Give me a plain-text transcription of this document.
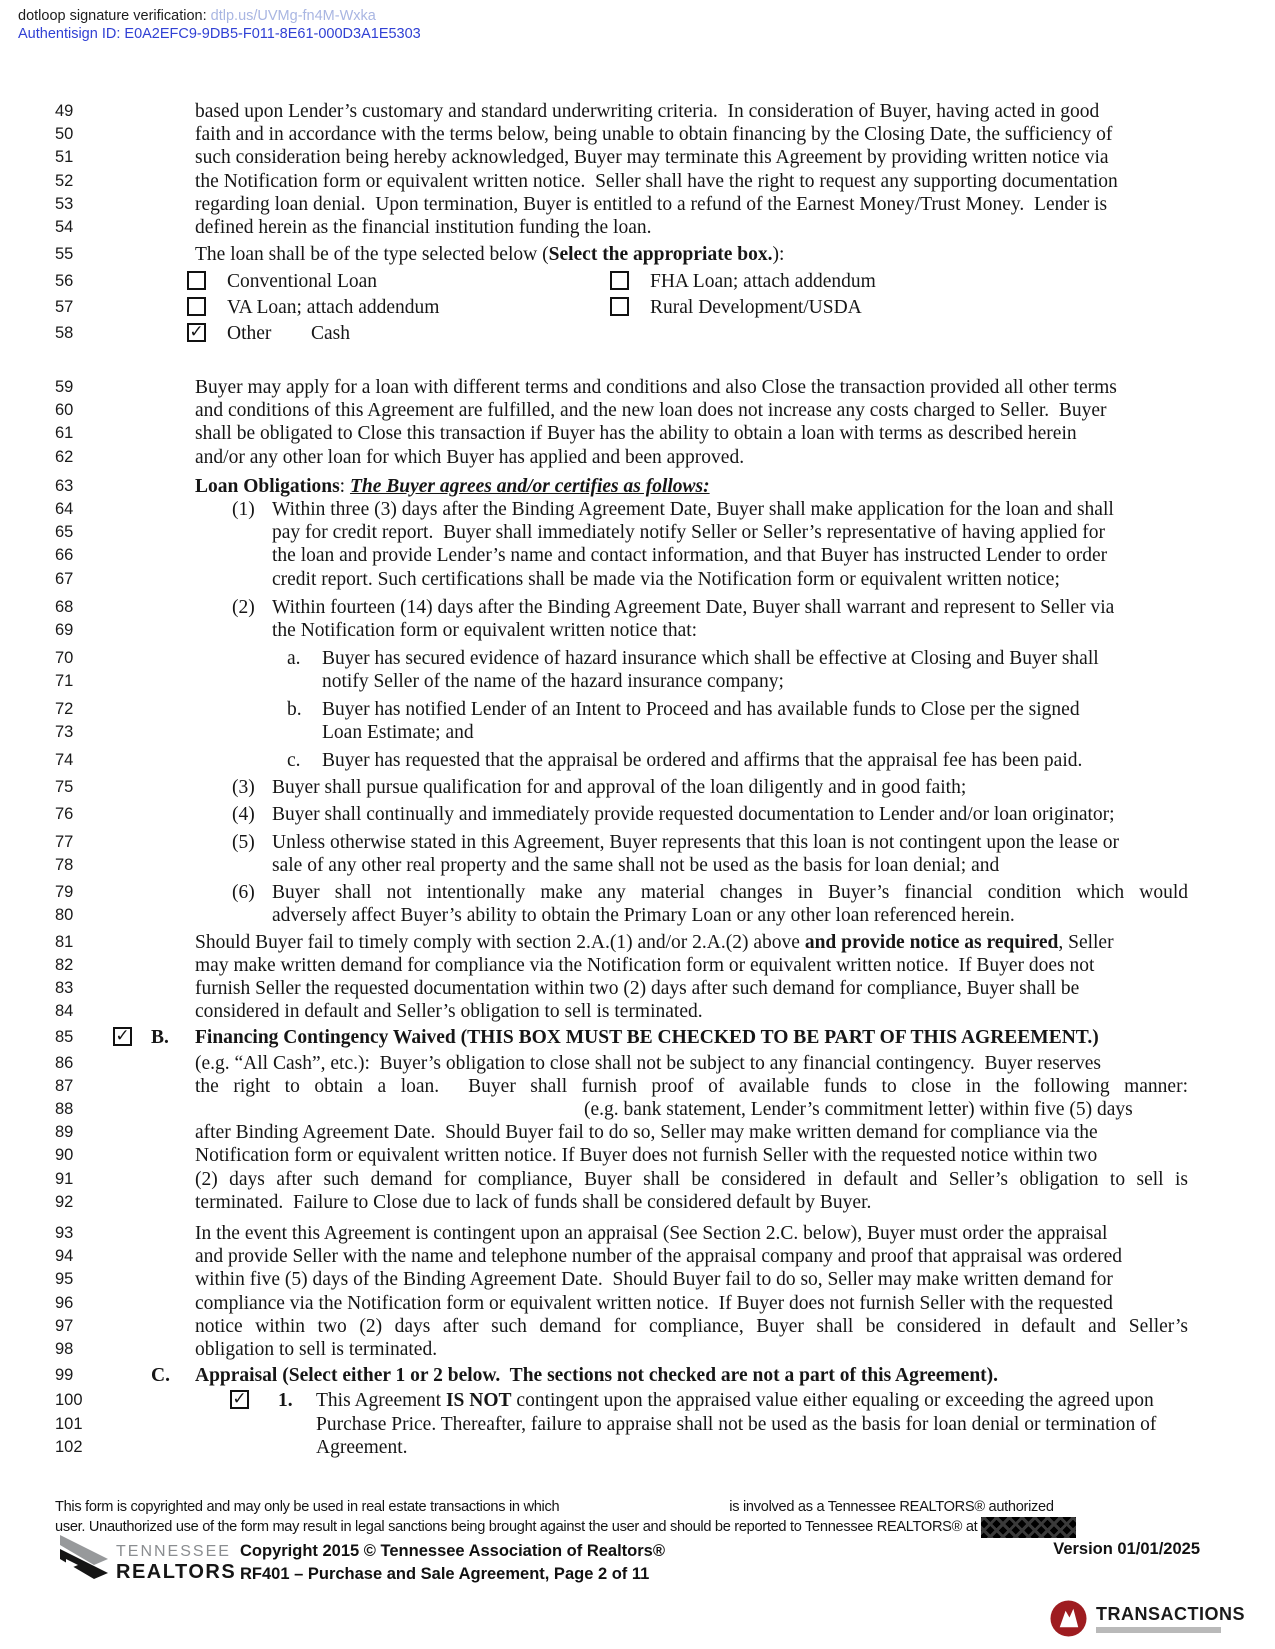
dotloop signature verification: dtlp.us/UVMg-fn4M-Wxka
Authentisign ID: E0A2EFC9-9DB5-F011-8E61-000D3A1E5303
49	based upon Lender’s customary and standard underwriting criteria.  In consideration of Buyer, having acted in good
50	faith and in accordance with the terms below, being unable to obtain financing by the Closing Date, the sufficiency of
51	such consideration being hereby acknowledged, Buyer may terminate this Agreement by providing written notice via
52	the Notification form or equivalent written notice.  Seller shall have the right to request any supporting documentation
53	regarding loan denial.  Upon termination, Buyer is entitled to a refund of the Earnest Money/Trust Money.  Lender is
54	defined herein as the financial institution funding the loan.
55	The loan shall be of the type selected below (Select the appropriate box.):
56	Conventional Loan	FHA Loan; attach addendum
57	VA Loan; attach addendum	Rural Development/USDA
58	✓ Other Cash
59	Buyer may apply for a loan with different terms and conditions and also Close the transaction provided all other terms
60	and conditions of this Agreement are fulfilled, and the new loan does not increase any costs charged to Seller.  Buyer
61	shall be obligated to Close this transaction if Buyer has the ability to obtain a loan with terms as described herein
62	and/or any other loan for which Buyer has applied and been approved.
63	Loan Obligations: The Buyer agrees and/or certifies as follows:
64	(1) Within three (3) days after the Binding Agreement Date, Buyer shall make application for the loan and shall
65	pay for credit report.  Buyer shall immediately notify Seller or Seller’s representative of having applied for
66	the loan and provide Lender’s name and contact information, and that Buyer has instructed Lender to order
67	credit report. Such certifications shall be made via the Notification form or equivalent written notice;
68	(2) Within fourteen (14) days after the Binding Agreement Date, Buyer shall warrant and represent to Seller via
69	the Notification form or equivalent written notice that:
70	a. Buyer has secured evidence of hazard insurance which shall be effective at Closing and Buyer shall
71	notify Seller of the name of the hazard insurance company;
72	b. Buyer has notified Lender of an Intent to Proceed and has available funds to Close per the signed
73	Loan Estimate; and
74	c. Buyer has requested that the appraisal be ordered and affirms that the appraisal fee has been paid.
75	(3) Buyer shall pursue qualification for and approval of the loan diligently and in good faith;
76	(4) Buyer shall continually and immediately provide requested documentation to Lender and/or loan originator;
77	(5) Unless otherwise stated in this Agreement, Buyer represents that this loan is not contingent upon the lease or
78	sale of any other real property and the same shall not be used as the basis for loan denial; and
79	(6) Buyer shall not intentionally make any material changes in Buyer’s financial condition which would
80	adversely affect Buyer’s ability to obtain the Primary Loan or any other loan referenced herein.
81	Should Buyer fail to timely comply with section 2.A.(1) and/or 2.A.(2) above and provide notice as required, Seller
82	may make written demand for compliance via the Notification form or equivalent written notice.  If Buyer does not
83	furnish Seller the requested documentation within two (2) days after such demand for compliance, Buyer shall be
84	considered in default and Seller’s obligation to sell is terminated.
85	✓ B. Financing Contingency Waived (THIS BOX MUST BE CHECKED TO BE PART OF THIS AGREEMENT.)
86	(e.g. “All Cash”, etc.):  Buyer’s obligation to close shall not be subject to any financial contingency.  Buyer reserves
87	the right to obtain a loan.  Buyer shall furnish proof of available funds to close in the following manner:
88	(e.g. bank statement, Lender’s commitment letter) within five (5) days
89	after Binding Agreement Date.  Should Buyer fail to do so, Seller may make written demand for compliance via the
90	Notification form or equivalent written notice. If Buyer does not furnish Seller with the requested notice within two
91	(2) days after such demand for compliance, Buyer shall be considered in default and Seller’s obligation to sell is
92	terminated.  Failure to Close due to lack of funds shall be considered default by Buyer.
93	In the event this Agreement is contingent upon an appraisal (See Section 2.C. below), Buyer must order the appraisal
94	and provide Seller with the name and telephone number of the appraisal company and proof that appraisal was ordered
95	within five (5) days of the Binding Agreement Date.  Should Buyer fail to do so, Seller may make written demand for
96	compliance via the Notification form or equivalent written notice.  If Buyer does not furnish Seller with the requested
97	notice within two (2) days after such demand for compliance, Buyer shall be considered in default and Seller’s
98	obligation to sell is terminated.
99	C. Appraisal (Select either 1 or 2 below.  The sections not checked are not a part of this Agreement).
100	✓ 1. This Agreement IS NOT contingent upon the appraised value either equaling or exceeding the agreed upon
101	Purchase Price. Thereafter, failure to appraise shall not be used as the basis for loan denial or termination of
102	Agreement.
This form is copyrighted and may only be used in real estate transactions in which	is involved as a Tennessee REALTORS® authorized
user. Unauthorized use of the form may result in legal sanctions being brought against the user and should be reported to Tennessee REALTORS® at
TENNESSEE
REALTORS
Copyright 2015 © Tennessee Association of Realtors®
RF401 – Purchase and Sale Agreement, Page 2 of 11
Version 01/01/2025
TRANSACTIONS
